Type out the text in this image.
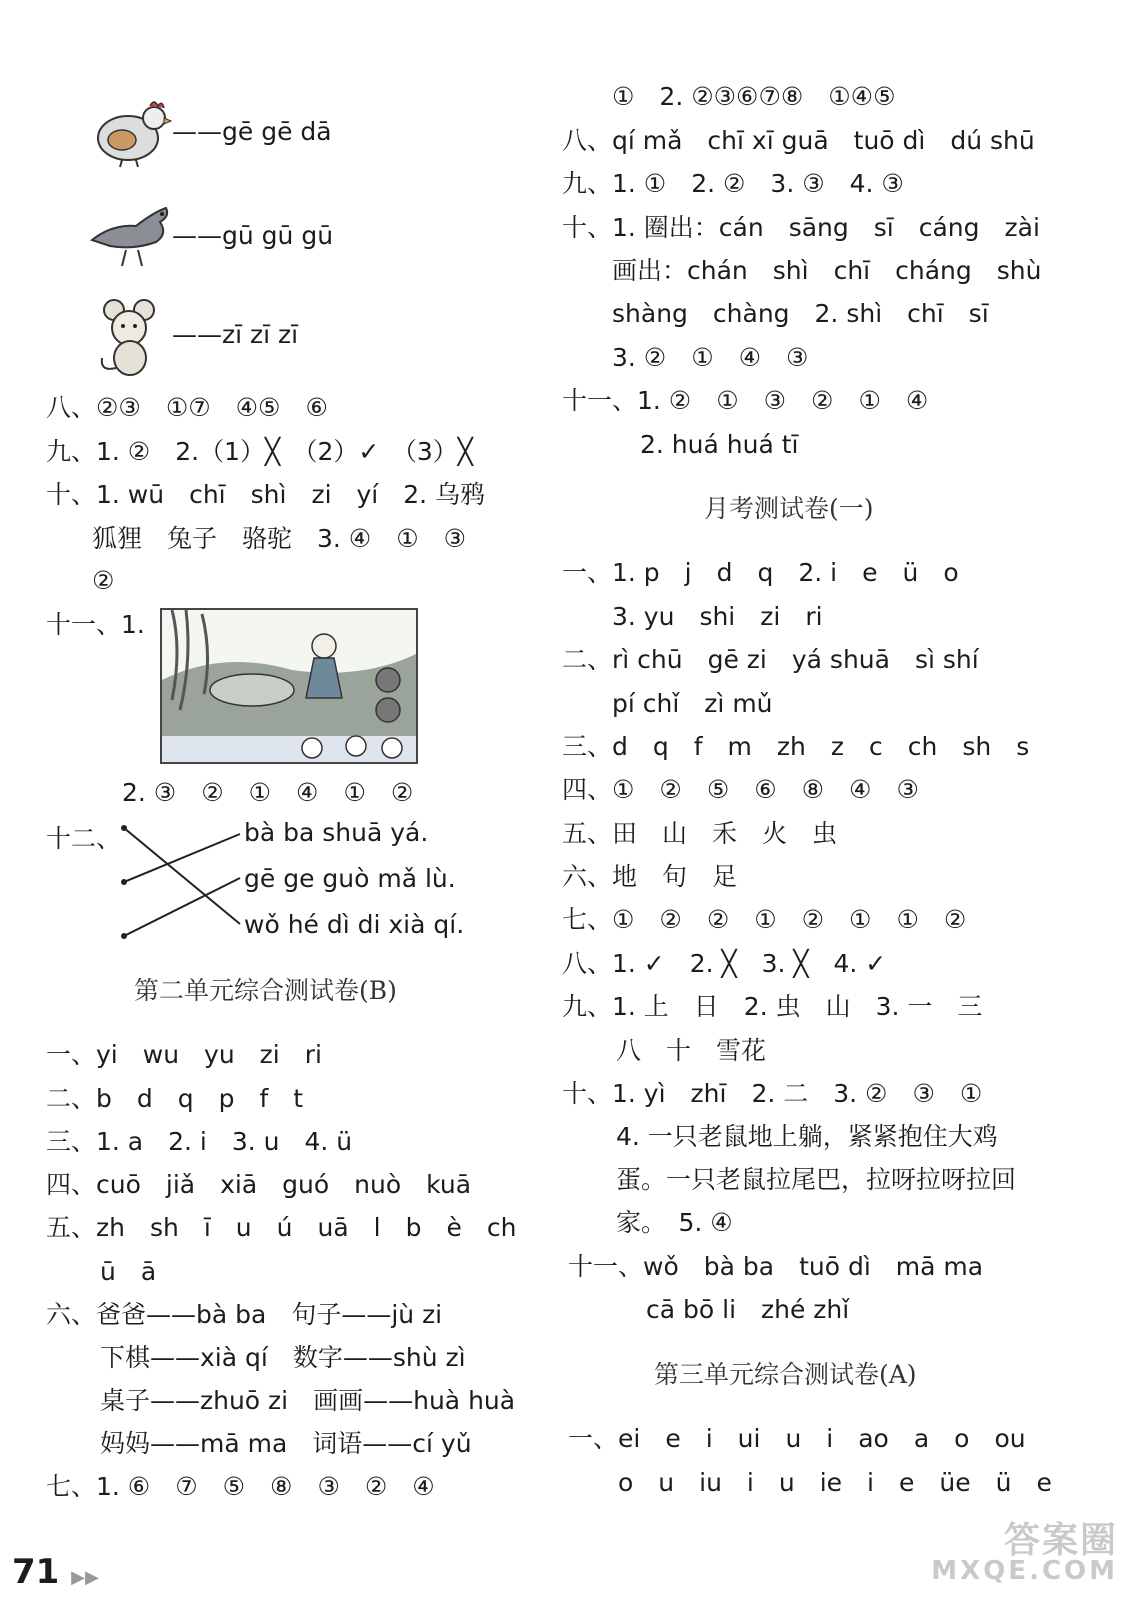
——gē gē dā
——gū gū gū
——zī zī zī
八、②③　①⑦　④⑤　⑥
九、1. ②　2.（1）╳　（2）✓　（3）╳
十、1. wū　chī　shì　zi　yí　2. 乌鸦
狐狸　兔子　骆驼　3. ④　①　③
②
十一、1.
2. ③　②　①　④　①　②
十二、	bà ba shuā yá.
gē ge guò mǎ lù.
wǒ hé dì di xià qí.
第二单元综合测试卷(B)
一、yi　wu　yu　zi　ri
二、b　d　q　p　f　t
三、1. a　2. i　3. u　4. ü
四、cuō　jiǎ　xiā　guó　nuò　kuā
五、zh　sh　ī　u　ú　uā　l　b　è　ch
ū　ā
六、爸爸——bà ba　句子——jù zi
下棋——xià qí　数字——shù zì
桌子——zhuō zi　画画——huà huà
妈妈——mā ma　词语——cí yǔ
七、1. ⑥　⑦　⑤　⑧　③　②　④
①　2. ②③⑥⑦⑧　①④⑤
八、qí mǎ　chī xī guā　tuō dì　dú shū
九、1. ①　2. ②　3. ③　4. ③
十、1. 圈出：cán　sāng　sī　cáng　zài
画出：chán　shì　chī　cháng　shù
shàng　chàng　2. shì　chī　sī
3. ②　①　④　③
十一、1. ②　①　③　②　①　④
2. huá huá tī
月考测试卷(一)
一、1. p　j　d　q　2. i　e　ü　o
3. yu　shi　zi　ri
二、rì chū　gē zi　yá shuā　sì shí
pí chǐ　zì mǔ
三、d　q　f　m　zh　z　c　ch　sh　s
四、①　②　⑤　⑥　⑧　④　③
五、田　山　禾　火　虫
六、地　句　足
七、①　②　②　①　②　①　①　②
八、1. ✓　2. ╳　3. ╳　4. ✓
九、1. 上　日　2. 虫　山　3. 一　三
八　十　雪花
十、1. yì　zhī　2. 二　3. ②　③　①
4. 一只老鼠地上躺，紧紧抱住大鸡
蛋。一只老鼠拉尾巴，拉呀拉呀拉回
家。　5. ④
十一、wǒ　bà ba　tuō dì　mā ma
cā bō li　zhé zhǐ
第三单元综合测试卷(A)
一、ei　e　i　ui　u　i　ao　a　o　ou
o　u　iu　i　u　ie　i　e　üe　ü　e
71 ▶▶
答案圈
MXQE.COM
